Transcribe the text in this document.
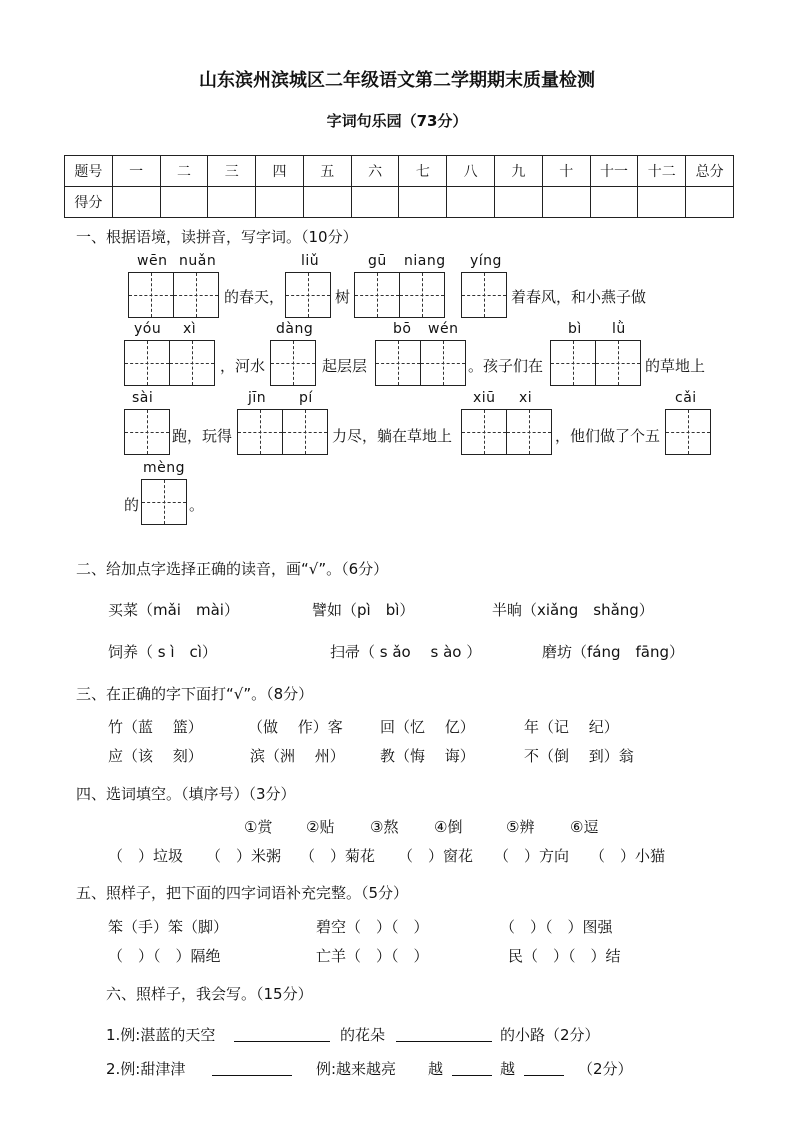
山东滨州滨城区二年级语文第二学期期末质量检测
字词句乐园（73分）
题号	一	二	三	四	五	六	七	八	九	十	十一	十二	总分
得分													
一、根据语境，读拼音，写字词。（10分）
wēn nuǎn
的春天，
liǔ
树
gū niang yíng
着春风，和小燕子做
yóu xì
，河水
dàng
起层层
bō wén
。孩子们在
bì lǜ
的草地上
sài
跑，玩得
jīn pí
力尽，躺在草地上
xiū xi
，他们做了个五
cǎi
mèng
的	。
二、给加点字选择正确的读音，画“√”。（6分）
买菜（mǎi　mài）	譬如（pì　bì）	半晌（xiǎng　shǎng）
饲养（ s ì　cì）	扫帚（ s ǎo　 s ào ）	磨坊（fáng　fāng）
三、在正确的字下面打“√”。（8分）
竹（蓝　 篮）	（做　 作）客 回（忆　 亿）	年（记　 纪）
应（该　 刻）	滨（洲　 州） 教（悔　 诲）	不（倒　 到）翁
四、选词填空。（填序号）（3分）
①赏 ②贴 ③熬 ④倒	⑤辨 ⑥逗
（　）垃圾 （　）米粥 （　）菊花 （　）窗花 （　）方向 （　）小猫
五、照样子，把下面的四字词语补充完整。（5分）
笨（手）笨（脚）	碧空（　）（　）	（　）（　）图强
（　）（　）隔绝	亡羊（　）（　）	民（　）（　）结
六、照样子，我会写。（15分）
1.例:湛蓝的天空	的花朵	的小路（2分）
2.例:甜津津	例:越来越亮 越	越	（2分）
